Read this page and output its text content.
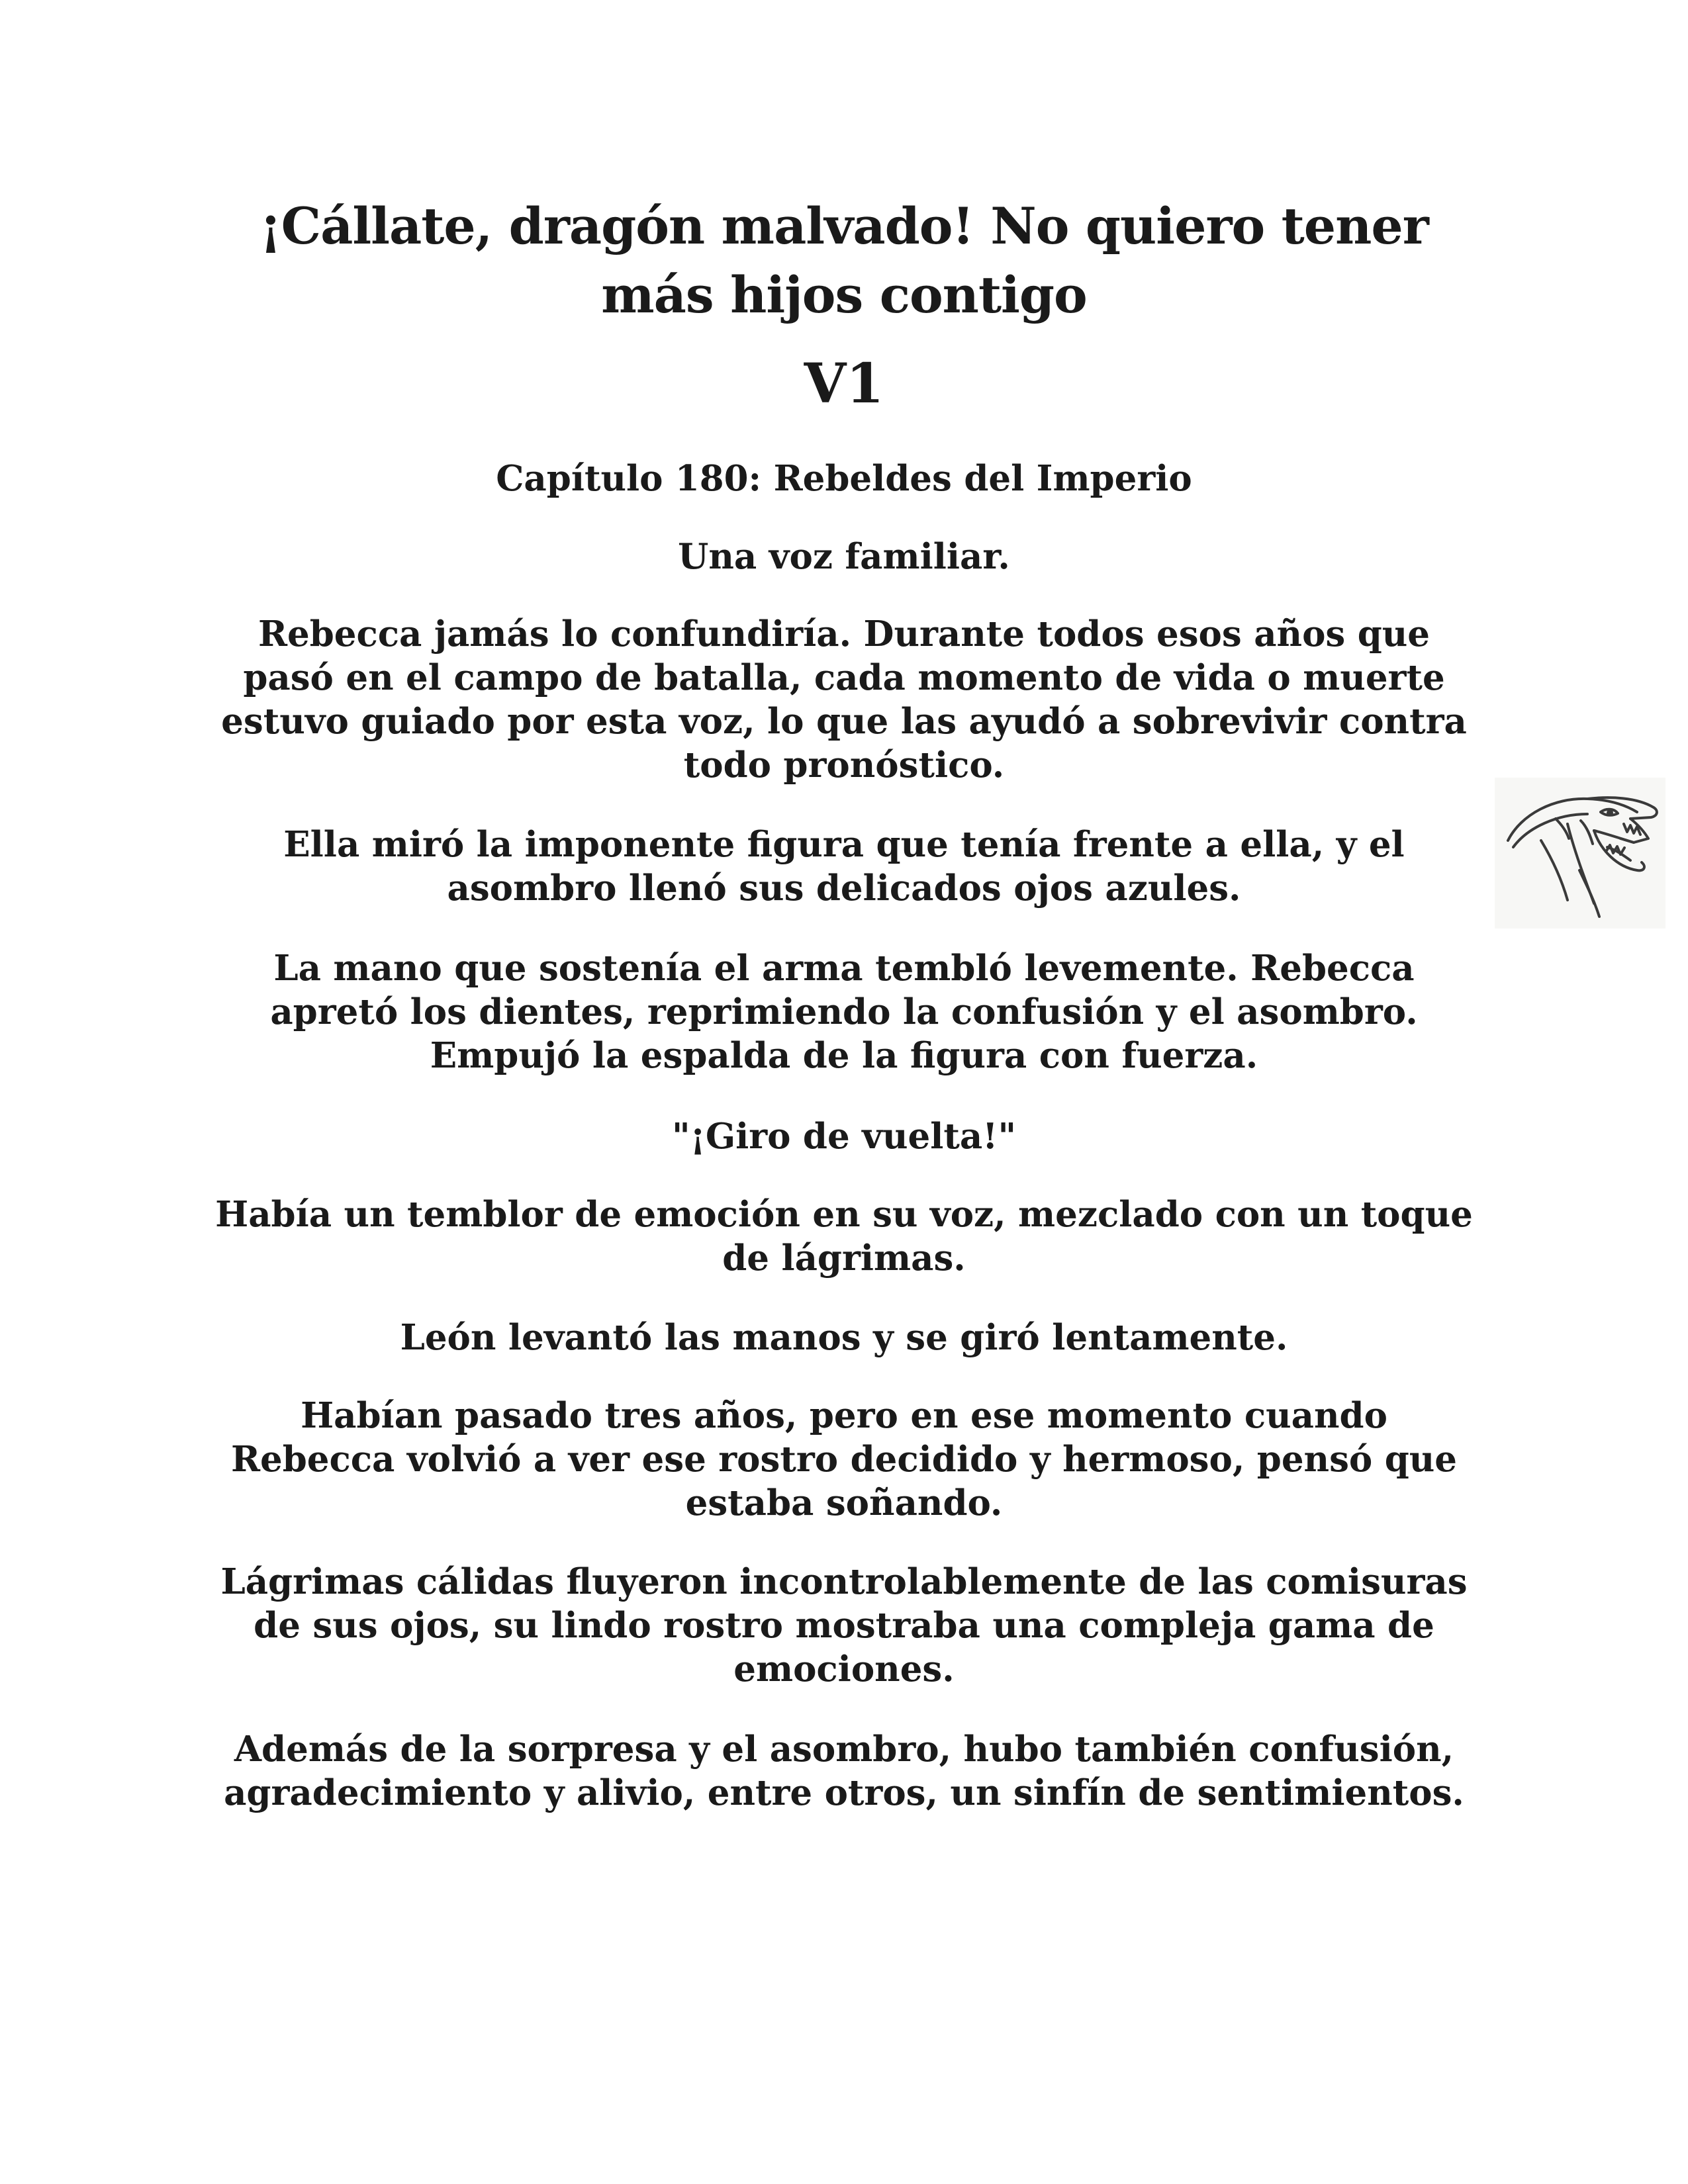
¡Cállate, dragón malvado! No quiero tener más hijos contigo
V1
Capítulo 180: Rebeldes del Imperio

Una voz familiar.

Rebecca jamás lo confundiría. Durante todos esos años que pasó en el campo de batalla, cada momento de vida o muerte estuvo guiado por esta voz, lo que las ayudó a sobrevivir contra todo pronóstico.

Ella miró la imponente figura que tenía frente a ella, y el asombro llenó sus delicados ojos azules.

La mano que sostenía el arma tembló levemente. Rebecca apretó los dientes, reprimiendo la confusión y el asombro. Empujó la espalda de la figura con fuerza.

"¡Giro de vuelta!"

Había un temblor de emoción en su voz, mezclado con un toque de lágrimas.

León levantó las manos y se giró lentamente.

Habían pasado tres años, pero en ese momento cuando Rebecca volvió a ver ese rostro decidido y hermoso, pensó que estaba soñando.

Lágrimas cálidas fluyeron incontrolablemente de las comisuras de sus ojos, su lindo rostro mostraba una compleja gama de emociones.

Además de la sorpresa y el asombro, hubo también confusión, agradecimiento y alivio, entre otros, un sinfín de sentimientos.
